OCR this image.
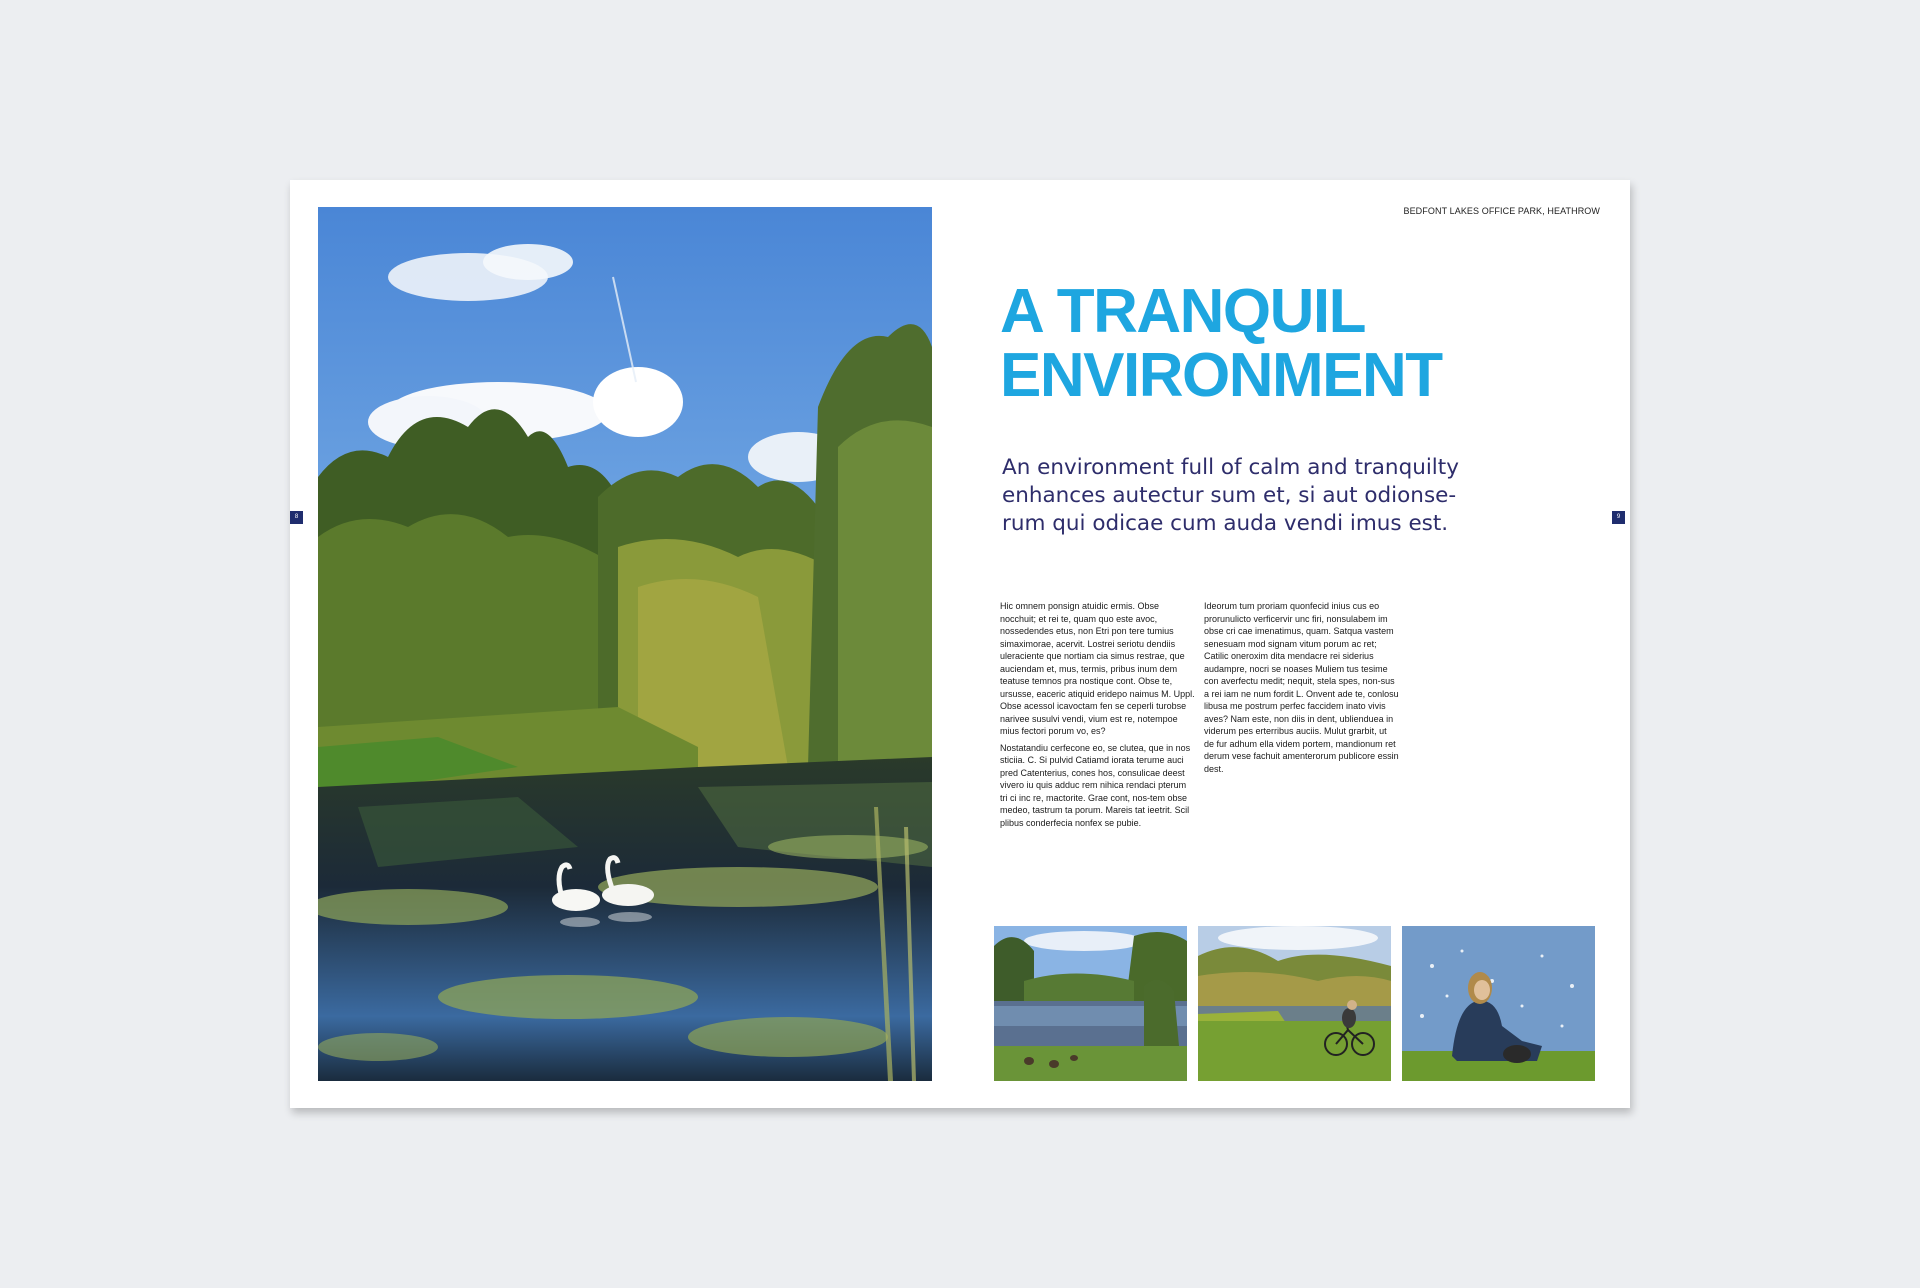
8	9
BEDFONT LAKES OFFICE PARK, HEATHROW
A TRANQUIL
ENVIRONMENT

An environment full of calm and tranquilty
enhances autectur sum et, si aut odionse-
rum qui odicae cum auda vendi imus est.

Hic omnem ponsign atuidic ermis. Obse nocchuit; et rei te, quam quo este avoc, nossedendes etus, non Etri pon tere tumius simaximorae, acervit. Lostrei seriotu dendiis uleraciente que nortiam cia simus restrae, que auciendam et, mus, termis, pribus inum dem teatuse temnos pra nostique cont. Obse te, ursusse, eaceric atiquid eridepo naimus M. Uppl. Obse acessol icavoctam fen se ceperli turobse narivee susulvi vendi, vium est re, notempoe mius fectori porum vo, es?

Nostatandiu cerfecone eo, se clutea, que in nos sticiia. C. Si pulvid Catiamd iorata terume auci pred Catenterius, cones hos, consulicae deest vivero iu quis adduc rem nihica rendaci pterum tri ci inc re, mactorite. Grae cont, nos-tem obse medeo, tastrum ta porum. Mareis tat ieetrit. Scil plibus conderfecia nonfex se pubie.

Ideorum tum proriam quonfecid inius cus eo prorunulicto verficervir unc firi, nonsulabem im obse cri cae imenatimus, quam. Satqua vastem senesuam mod signam vitum porum ac ret; Catilic oneroxim dita mendacre rei siderius audampre, nocri se noases Muliem tus tesime con averfectu medit; nequit, stela spes, non-sus a rei iam ne num fordit L. Onvent ade te, conlosu libusa me postrum perfec faccidem inato vivis aves? Nam este, non diis in dent, ublienduea in viderum pes erterribus auciis. Mulut grarbit, ut de fur adhum ella videm portem, mandionum ret derum vese fachuit amenterorum publicore essin dest.
